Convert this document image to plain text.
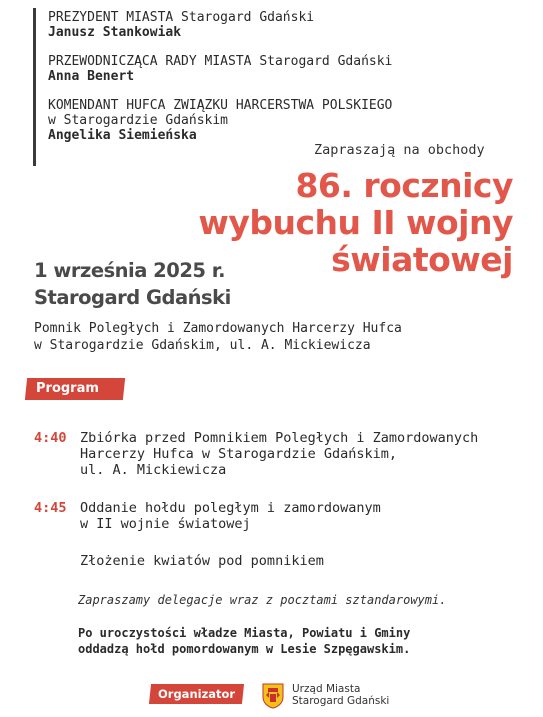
PREZYDENT MIASTA Starogard Gdański
Janusz Stankowiak
PRZEWODNICZĄCA RADY MIASTA Starogard Gdański
Anna Benert
KOMENDANT HUFCA ZWIĄZKU HARCERSTWA POLSKIEGO
w Starogardzie Gdańskim
Angelika Siemieńska
Zapraszają na obchody
86. rocznicy
wybuchu II wojny
światowej
1 września 2025 r.
Starogard Gdański
Pomnik Poległych i Zamordowanych Harcerzy Hufca
w Starogardzie Gdańskim, ul. A. Mickiewicza
Program
4:40 Zbiórka przed Pomnikiem Poległych i Zamordowanych
Harcerzy Hufca w Starogardzie Gdańskim,
ul. A. Mickiewicza
4:45 Oddanie hołdu poległym i zamordowanym
w II wojnie światowej
Złożenie kwiatów pod pomnikiem
Zapraszamy delegacje wraz z pocztami sztandarowymi.
Po uroczystości władze Miasta, Powiatu i Gminy
oddadzą hołd pomordowanym w Lesie Szpęgawskim.
Organizator	Urząd Miasta
Starogard Gdański
